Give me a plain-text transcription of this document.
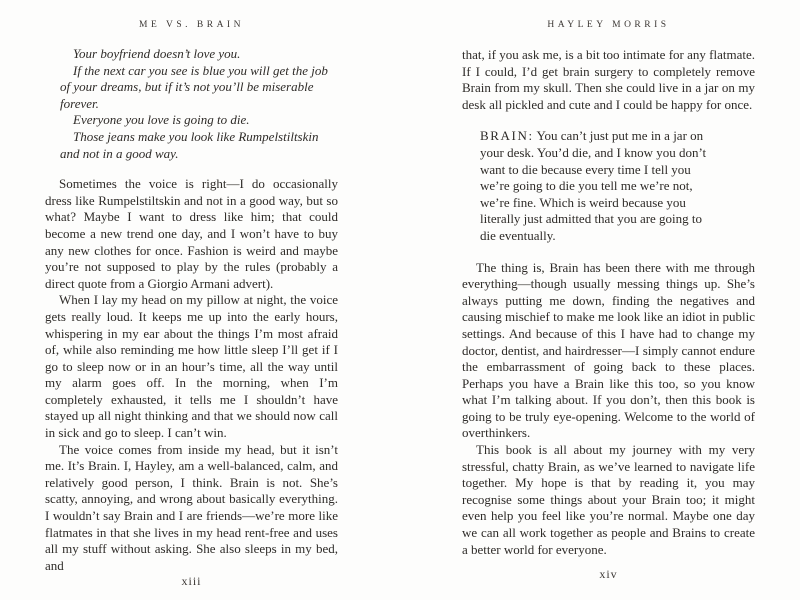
ME VS. BRAIN

Your boyfriend doesn’t love you.

If the next car you see is blue you will get the job of your dreams, but if it’s not you’ll be miserable forever.

Everyone you love is going to die.

Those jeans make you look like Rumpelstiltskin and not in a good way.

Sometimes the voice is right—I do occasionally dress like Rumpelstiltskin and not in a good way, but so what? Maybe I want to dress like him; that could become a new trend one day, and I won’t have to buy any new clothes for once. Fashion is weird and maybe you’re not supposed to play by the rules (probably a direct quote from a Giorgio Armani advert).

When I lay my head on my pillow at night, the voice gets really loud. It keeps me up into the early hours, whispering in my ear about the things I’m most afraid of, while also reminding me how little sleep I’ll get if I go to sleep now or in an hour’s time, all the way until my alarm goes off. In the morning, when I’m completely exhausted, it tells me I shouldn’t have stayed up all night thinking and that we should now call in sick and go to sleep. I can’t win.

The voice comes from inside my head, but it isn’t me. It’s Brain. I, Hayley, am a well-balanced, calm, and relatively good person, I think. Brain is not. She’s scatty, annoying, and wrong about basically everything. I wouldn’t say Brain and I are friends—we’re more like flatmates in that she lives in my head rent-free and uses all my stuff without asking. She also sleeps in my bed, and

xiii
HAYLEY MORRIS

that, if you ask me, is a bit too intimate for any flatmate. If I could, I’d get brain surgery to completely remove Brain from my skull. Then she could live in a jar on my desk all pickled and cute and I could be happy for once.

BRAIN: You can’t just put me in a jar on your desk. You’d die, and I know you don’t want to die because every time I tell you we’re going to die you tell me we’re not, we’re fine. Which is weird because you literally just admitted that you are going to die eventually.

The thing is, Brain has been there with me through everything—though usually messing things up. She’s always putting me down, finding the negatives and causing mischief to make me look like an idiot in public settings. And because of this I have had to change my doctor, dentist, and hairdresser—I simply cannot endure the embarrassment of going back to these places. Perhaps you have a Brain like this too, so you know what I’m talking about. If you don’t, then this book is going to be truly eye-opening. Welcome to the world of overthinkers.

This book is all about my journey with my very stressful, chatty Brain, as we’ve learned to navigate life together. My hope is that by reading it, you may recognise some things about your Brain too; it might even help you feel like you’re normal. Maybe one day we can all work together as people and Brains to create a better world for everyone.

xiv
